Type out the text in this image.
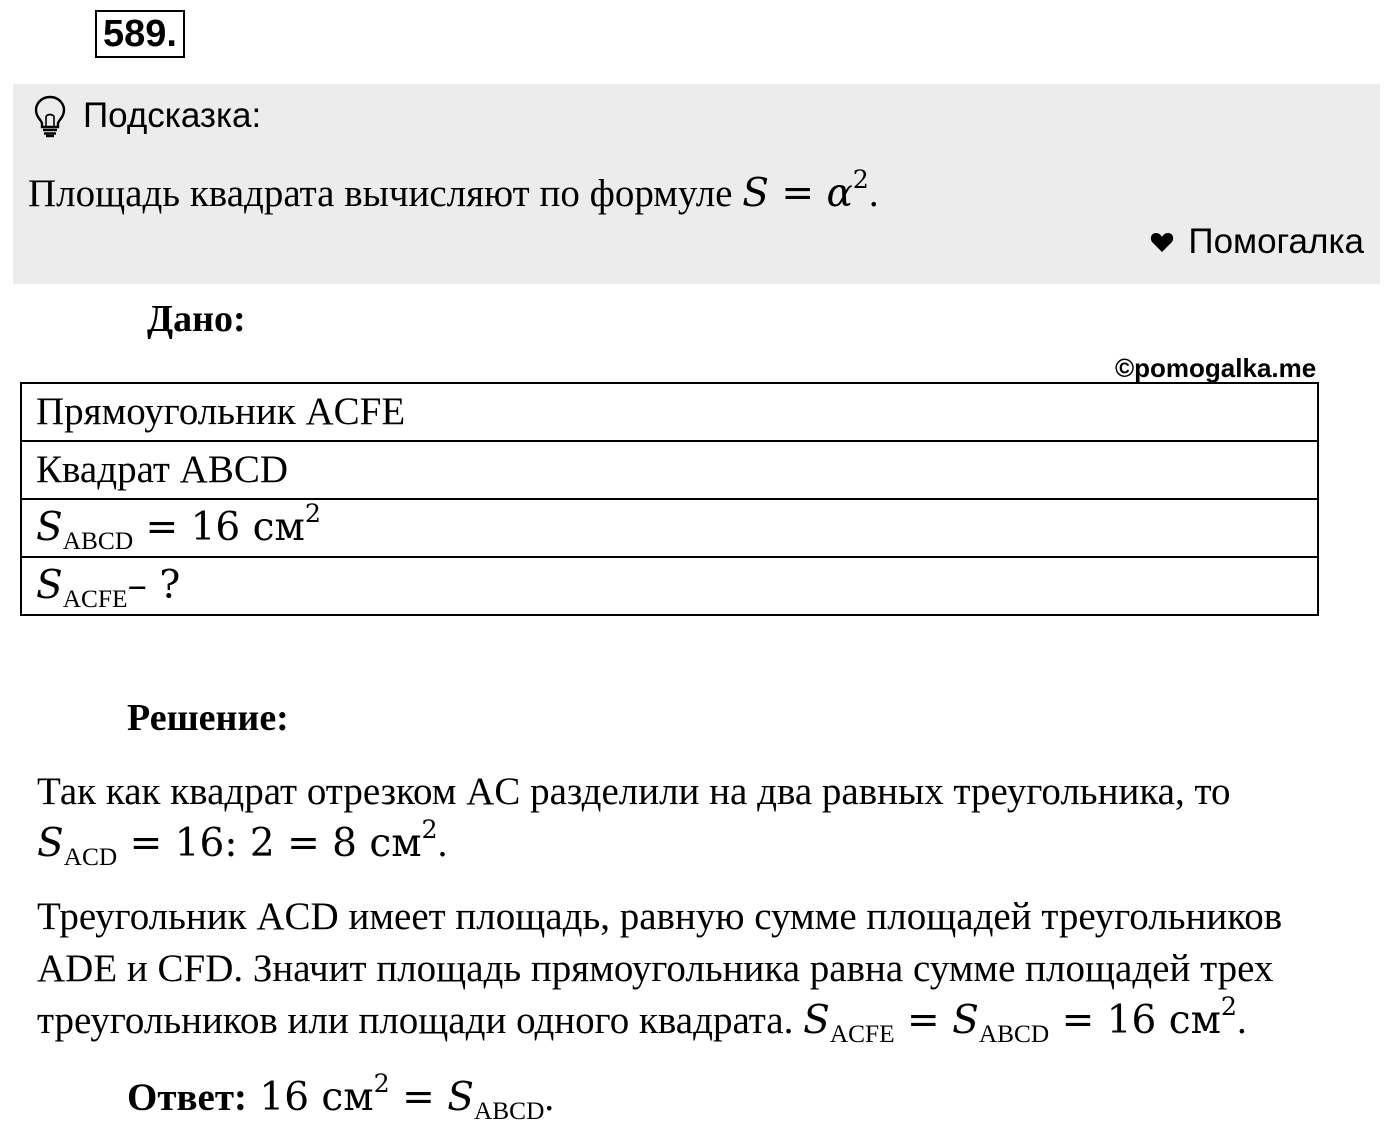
589.
Подсказка:
Площадь квадрата вычисляют по формуле $S = \alpha^2$.
Помогалка
Дано:
©pomogalka.me
Прямоугольник ACFE
Квадрат ABCD
$S_{ABCD} = 16$ $см^2$
$S_{ACFE}-$ ?
Решение:
Так как квадрат отрезком AC разделили на два равных треугольника, то
$S_{ACD} = 16$: 2 = 8 $см^2$.
Треугольник ACD имеет площадь, равную сумме площадей треугольников
ADE и CFD. Значит площадь прямоугольника равна сумме площадей трех
треугольников или площади одного квадрата. $S_{ACFE} = S_{ABCD} = 16$ $см^2$.
Ответ: 16 $см^2 = S_{ABCD}$.
